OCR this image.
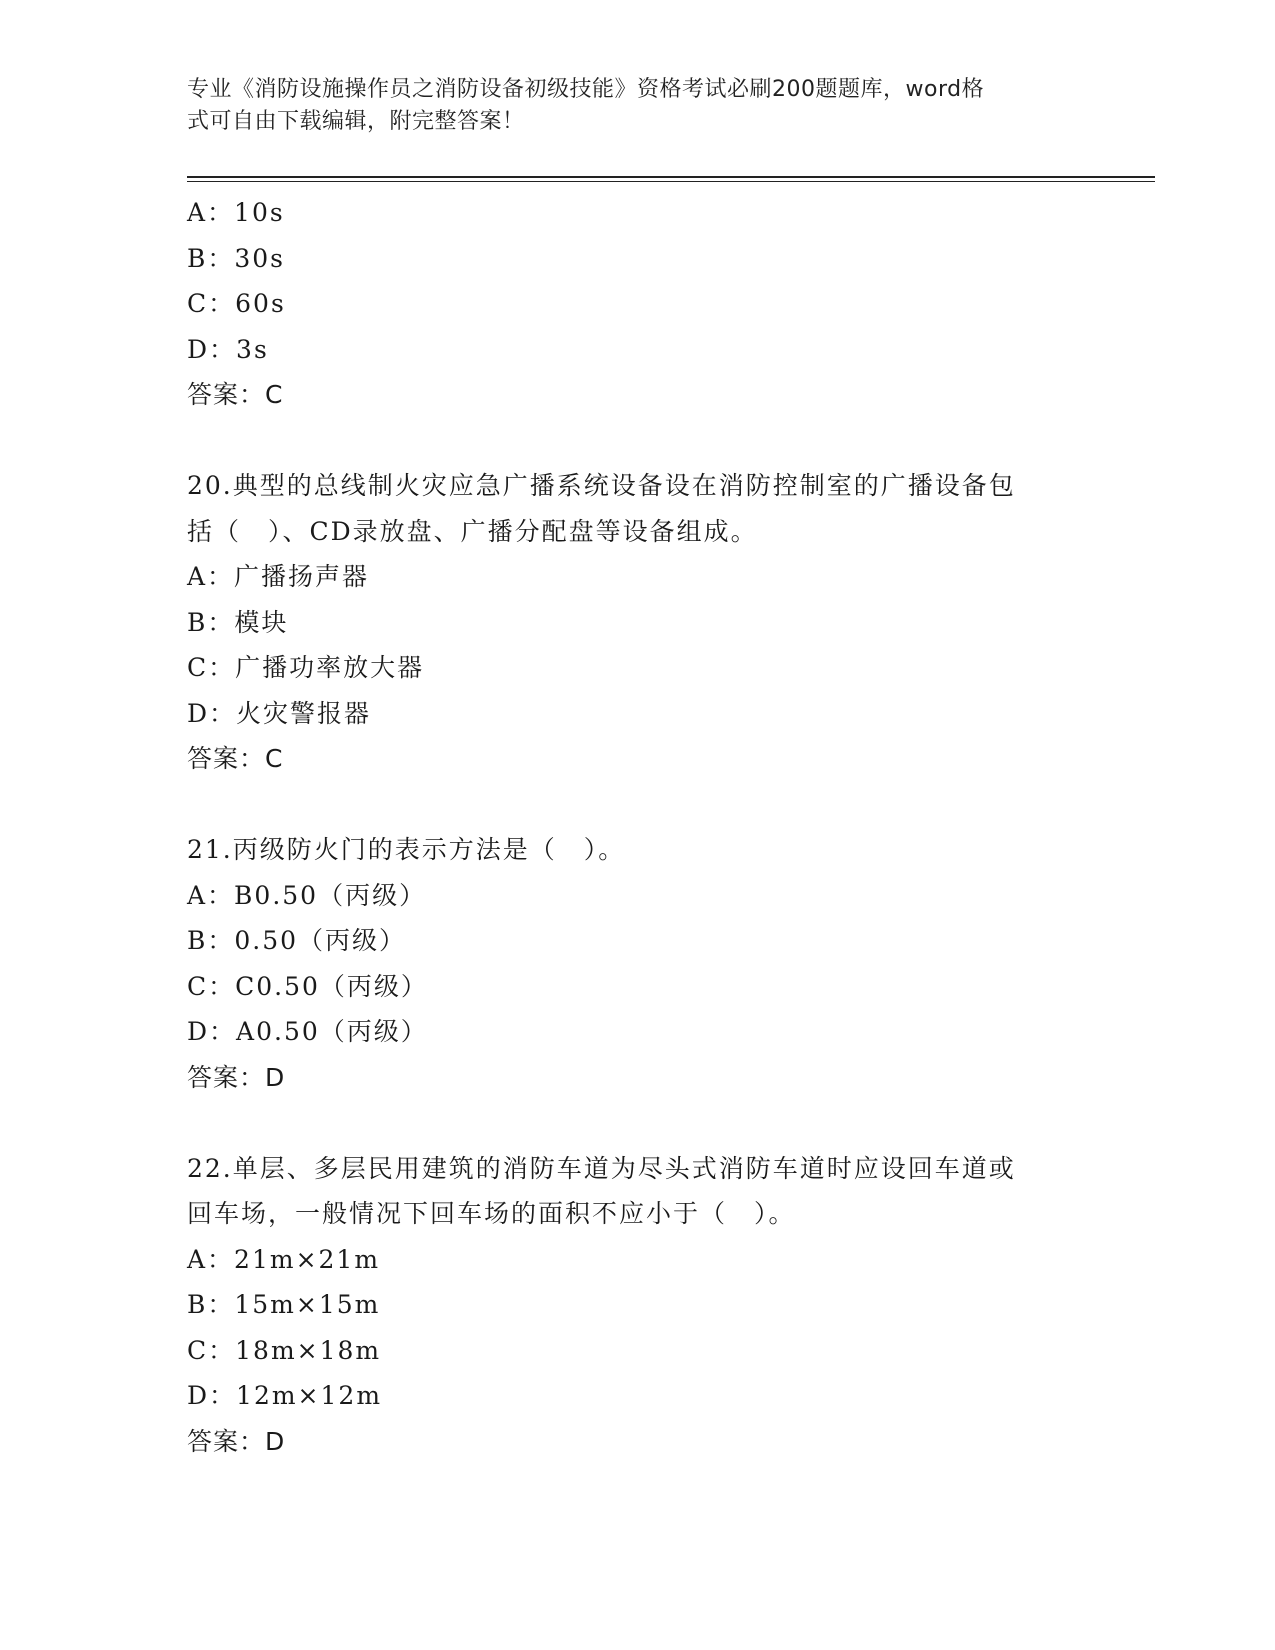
专业《消防设施操作员之消防设备初级技能》资格考试必刷200题题库，word格
式可自由下载编辑，附完整答案！
A：10s
B：30s
C：60s
D：3s
答案：C
20.典型的总线制火灾应急广播系统设备设在消防控制室的广播设备包
括（　）、CD录放盘、广播分配盘等设备组成。
A：广播扬声器
B：模块
C：广播功率放大器
D：火灾警报器
答案：C
21.丙级防火门的表示方法是（　）。
A：B0.50（丙级）
B：0.50（丙级）
C：C0.50（丙级）
D：A0.50（丙级）
答案：D
22.单层、多层民用建筑的消防车道为尽头式消防车道时应设回车道或
回车场，一般情况下回车场的面积不应小于（　）。
A：21m×21m
B：15m×15m
C：18m×18m
D：12m×12m
答案：D
